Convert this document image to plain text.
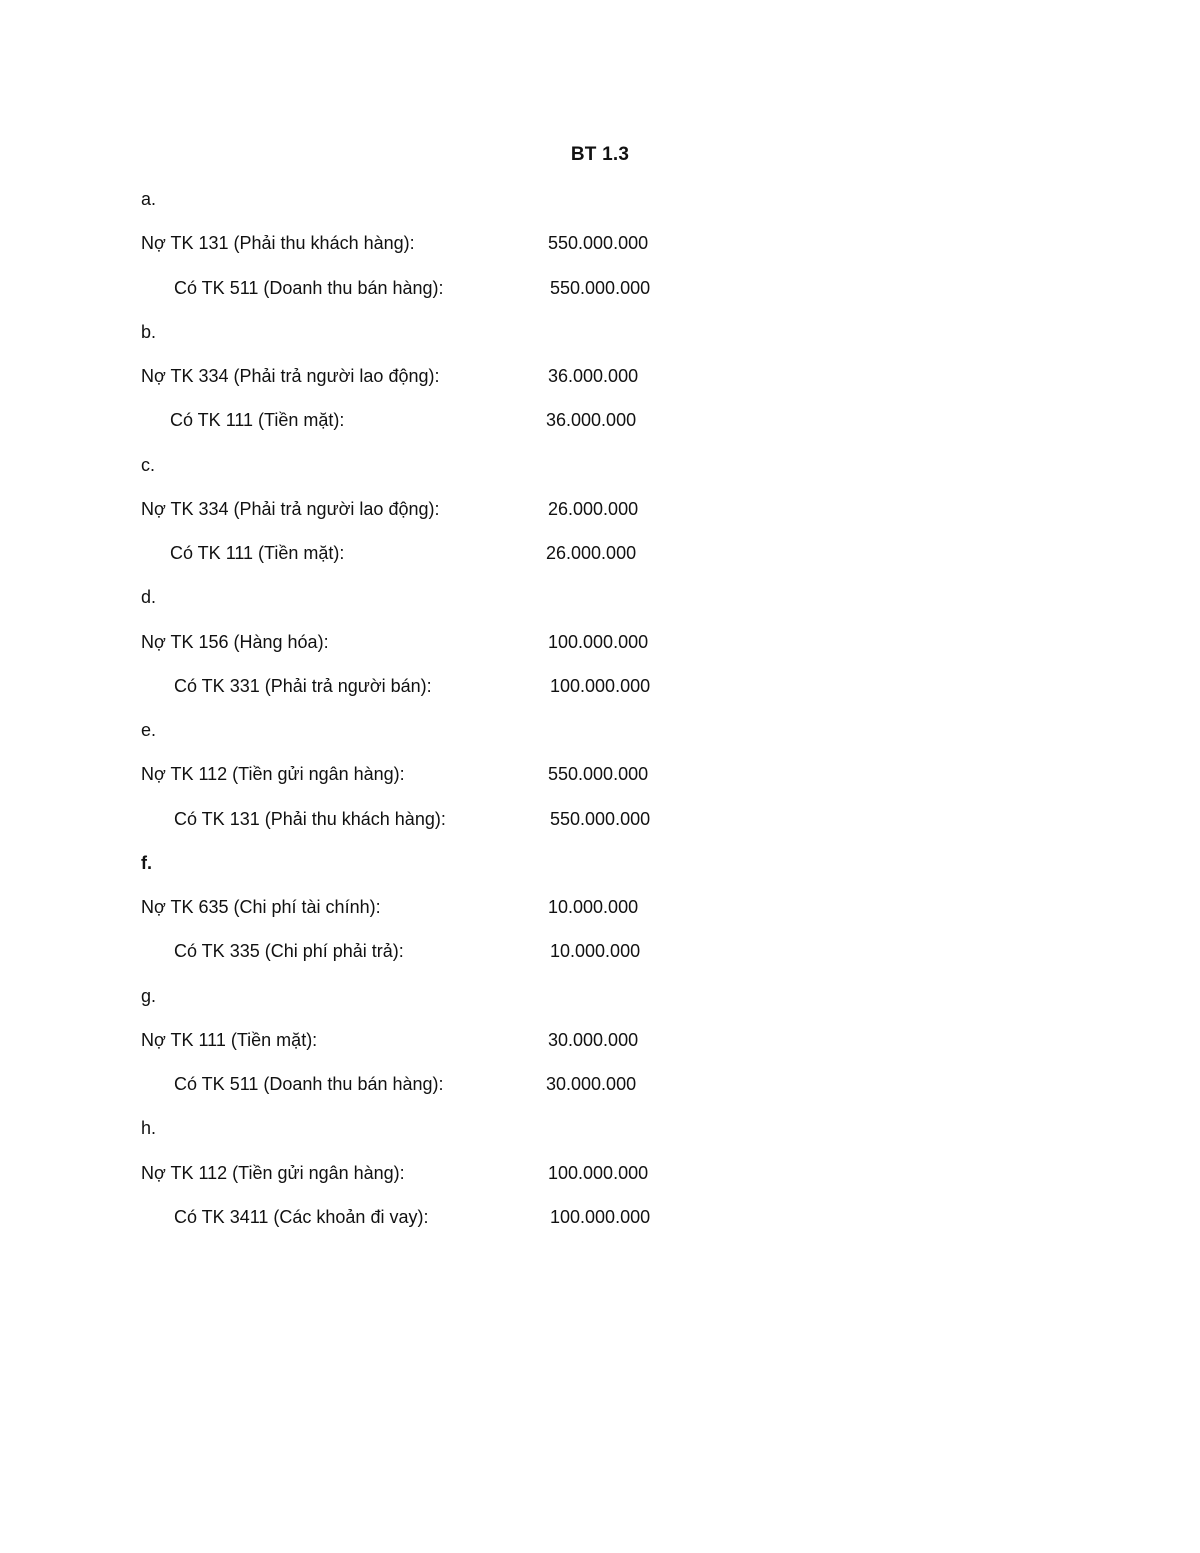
BT 1.3
a.
Nợ TK 131 (Phải thu khách hàng):	550.000.000
Có TK 511 (Doanh thu bán hàng):	550.000.000
b.
Nợ TK 334 (Phải trả người lao động):	36.000.000
Có TK 111 (Tiền mặt):	36.000.000
c.
Nợ TK 334 (Phải trả người lao động):	26.000.000
Có TK 111 (Tiền mặt):	26.000.000
d.
Nợ TK 156 (Hàng hóa):	100.000.000
Có TK 331 (Phải trả người bán):	100.000.000
e.
Nợ TK 112 (Tiền gửi ngân hàng):	550.000.000
Có TK 131 (Phải thu khách hàng):	550.000.000
f.
Nợ TK 635 (Chi phí tài chính):	10.000.000
Có TK 335 (Chi phí phải trả):	10.000.000
g.
Nợ TK 111 (Tiền mặt):	30.000.000
Có TK 511 (Doanh thu bán hàng):	30.000.000
h.
Nợ TK 112 (Tiền gửi ngân hàng):	100.000.000
Có TK 3411 (Các khoản đi vay):	100.000.000
